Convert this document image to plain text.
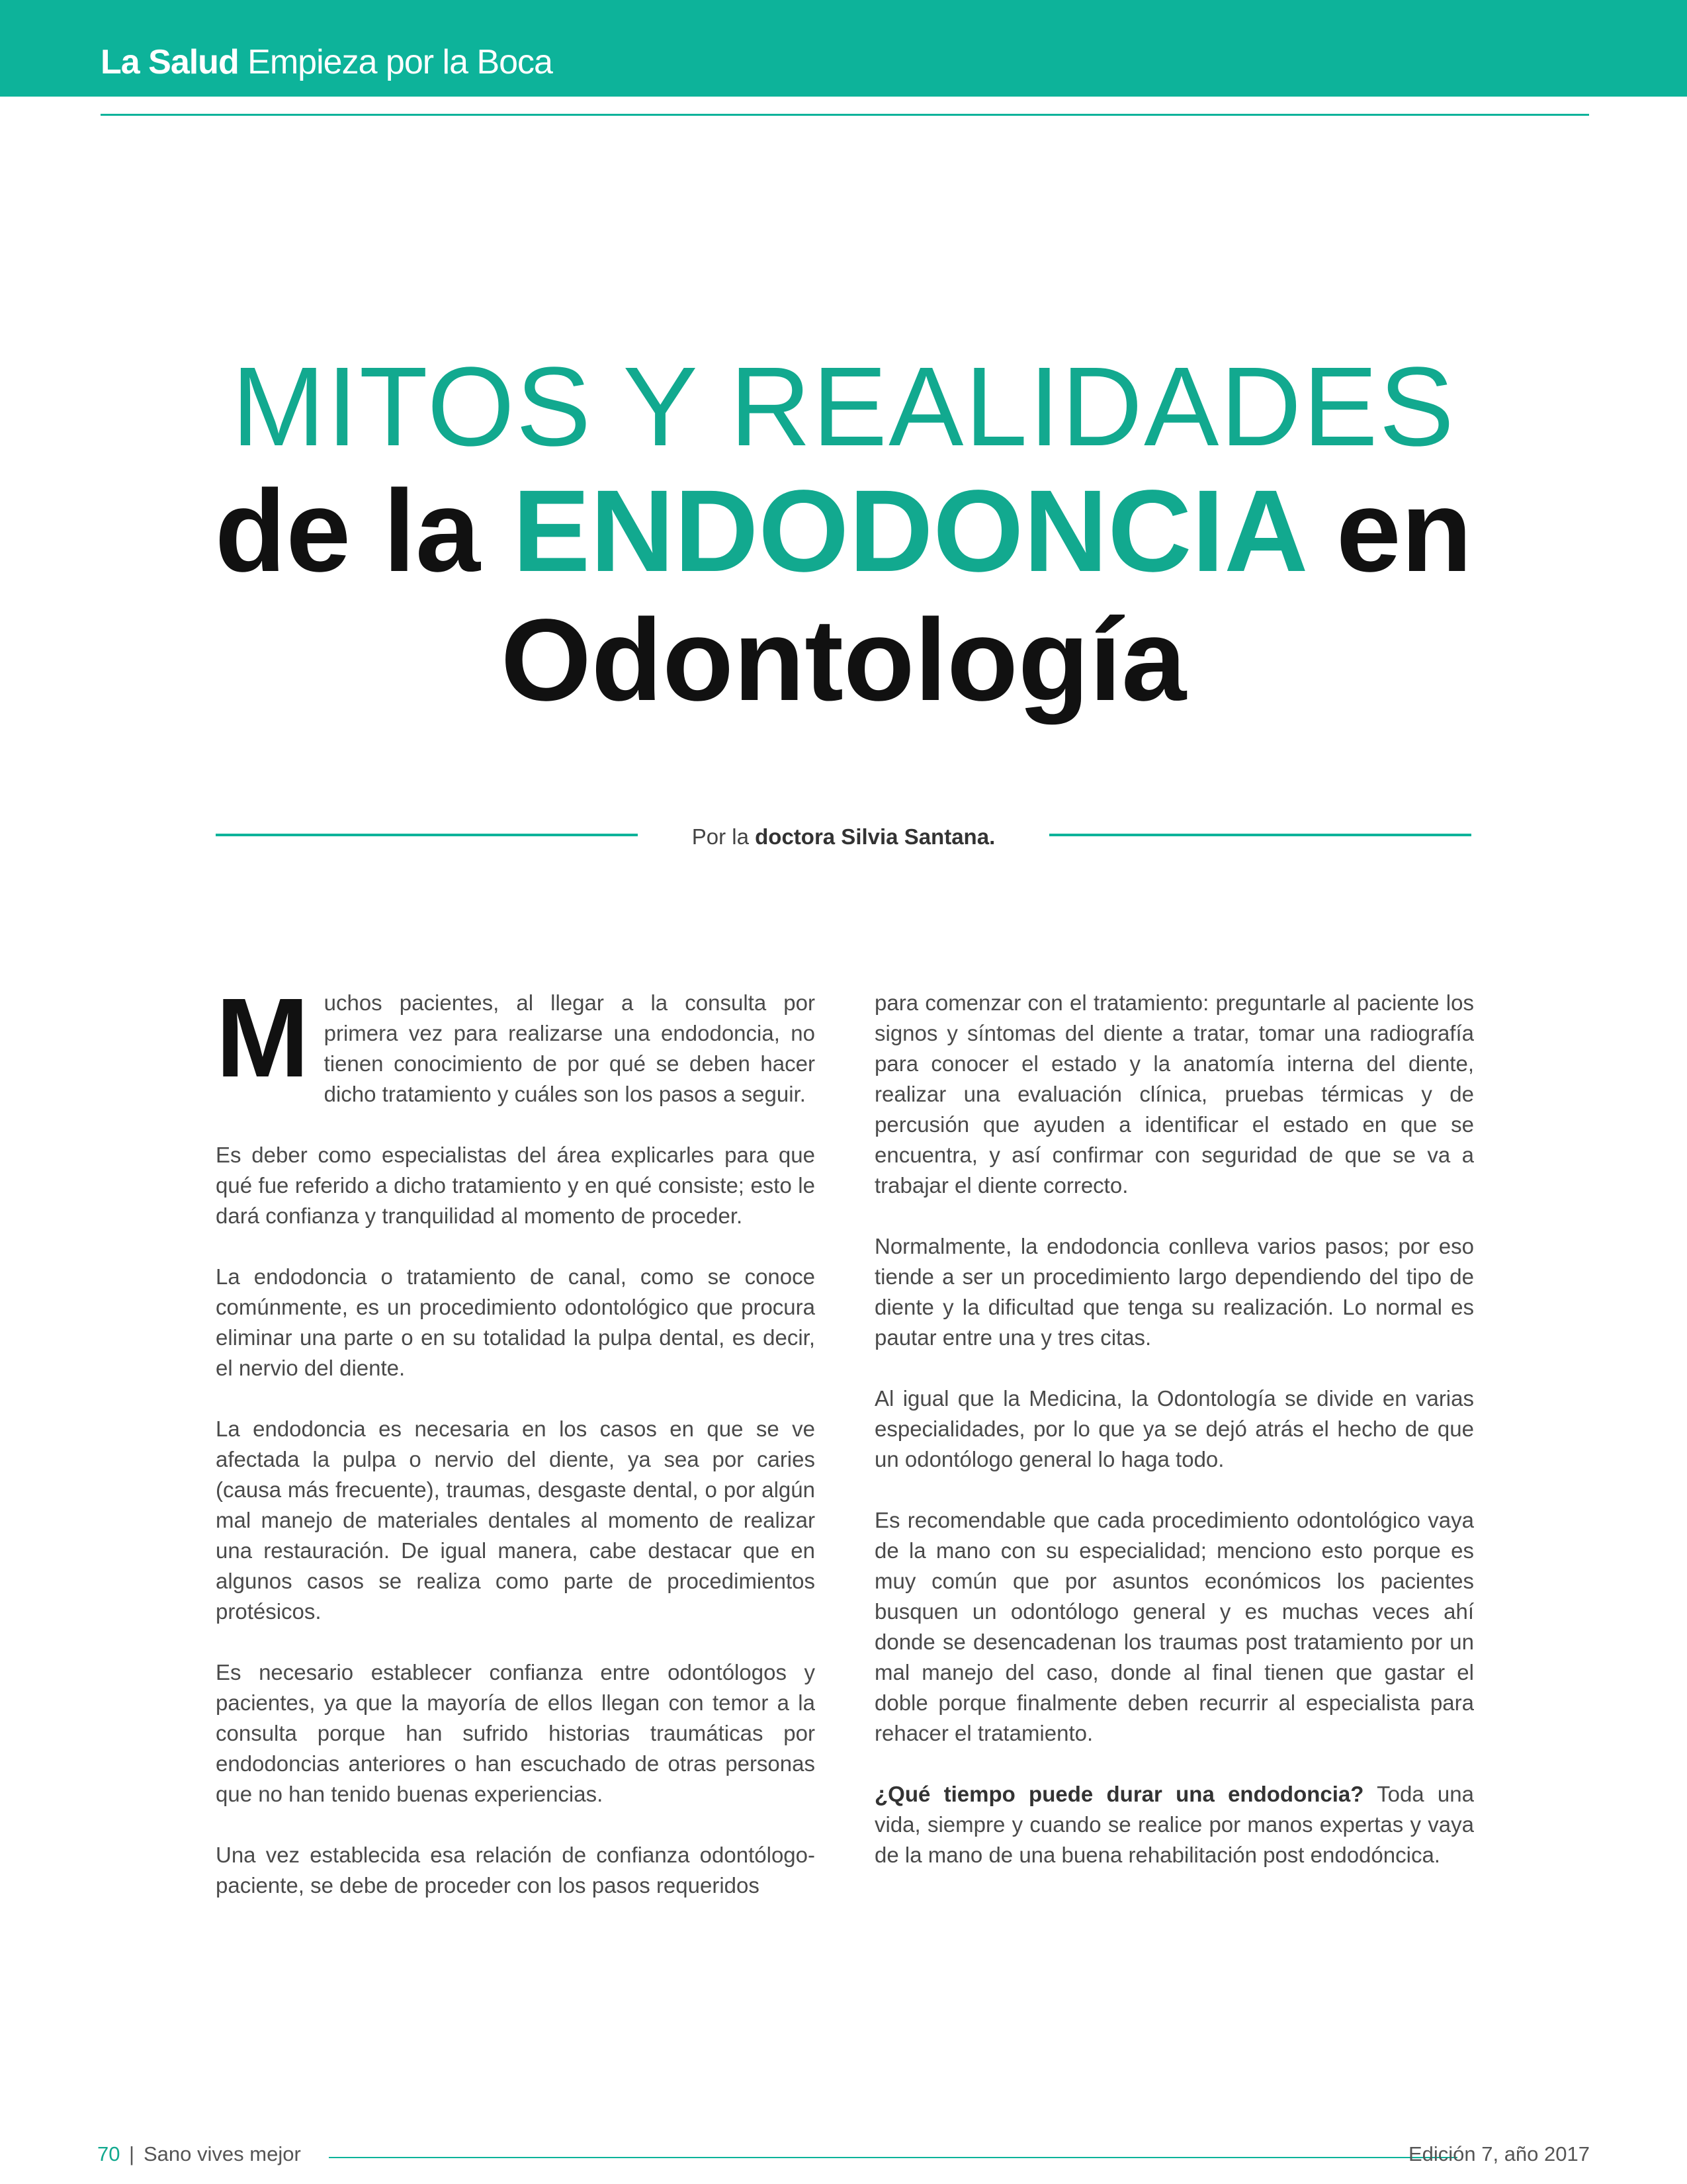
La Salud Empieza por la Boca
MITOS Y REALIDADES
de la ENDODONCIA en
Odontología
Por la doctora Silvia Santana.

Muchos pacientes, al llegar a la consulta por primera vez para realizarse una endodoncia, no tienen conocimiento de por qué se deben hacer dicho tratamiento y cuáles son los pasos a seguir.

Es deber como especialistas del área explicarles para que qué fue referido a dicho tratamiento y en qué consiste; esto le dará confianza y tranquilidad al momento de proceder.

La endodoncia o tratamiento de canal, como se conoce comúnmente, es un procedimiento odontológico que procura eliminar una parte o en su totalidad la pulpa dental, es decir, el nervio del diente.

La endodoncia es necesaria en los casos en que se ve afectada la pulpa o nervio del diente, ya sea por caries (causa más frecuente), traumas, desgaste dental, o por algún mal manejo de materiales dentales al momento de realizar una restauración. De igual manera, cabe destacar que en algunos casos se realiza como parte de procedimientos protésicos.

Es necesario establecer confianza entre odontólogos y pacientes, ya que la mayoría de ellos llegan con temor a la consulta porque han sufrido historias traumáticas por endodoncias anteriores o han escuchado de otras personas que no han tenido buenas experiencias.

Una vez establecida esa relación de confianza odontólogo-paciente, se debe de proceder con los pasos requeridos

para comenzar con el tratamiento: preguntarle al paciente los signos y síntomas del diente a tratar, tomar una radiografía para conocer el estado y la anatomía interna del diente, realizar una evaluación clínica, pruebas térmicas y de percusión que ayuden a identificar el estado en que se encuentra, y así confirmar con seguridad de que se va a trabajar el diente correcto.

Normalmente, la endodoncia conlleva varios pasos; por eso tiende a ser un procedimiento largo dependiendo del tipo de diente y la dificultad que tenga su realización. Lo normal es pautar entre una y tres citas.

Al igual que la Medicina, la Odontología se divide en varias especialidades, por lo que ya se dejó atrás el hecho de que un odontólogo general lo haga todo.

Es recomendable que cada procedimiento odontológico vaya de la mano con su especialidad; menciono esto porque es muy común que por asuntos económicos los pacientes busquen un odontólogo general y es muchas veces ahí donde se desencadenan los traumas post tratamiento por un mal manejo del caso, donde al final tienen que gastar el doble porque finalmente deben recurrir al especialista para rehacer el tratamiento.

¿Qué tiempo puede durar una endodoncia? Toda una vida, siempre y cuando se realice por manos expertas y vaya de la mano de una buena rehabilitación post endodóncica.

70 | Sano vives mejor	Edición 7, año 2017
